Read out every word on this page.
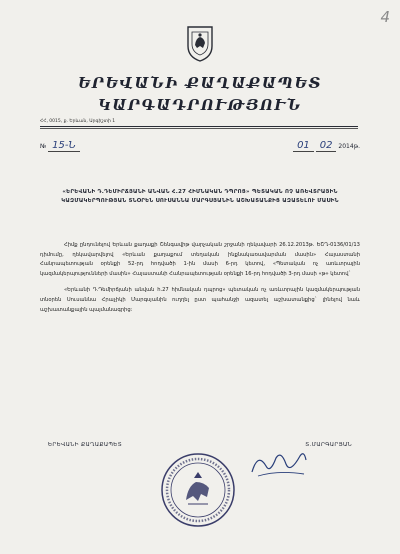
4
ԵՐԵՎԱՆԻ ՔԱՂԱՔԱՊԵՏ
ԿԱՐԳԱԴՐՈՒԹՅՈՒՆ
ՀՀ, 0015, ք. Երևան, Արգիշտի 1
№ 15-Ն	01 02 2014թ.
«ԵՐԵՎԱՆԻ Դ.ԴԵՄԻՐՃՅԱՆԻ ԱՆՎԱՆ Հ.27 ՀԻՄՆԱԿԱՆ ԴՊՐՈՑ» ՊԵՏԱԿԱՆ ՈՉ ԱՌԵՎՏՐԱՅԻՆ ԿԱԶՄԱԿԵՐՊՈՒԹՅԱՆ ՏՆՕՐԵՆ ՍՈՒՍԱՆՆԱ ՄԱՐԳՍՅԱՆԻՆ ԱՇԽԱՏԱՆՔԻՑ ԱԶԱՏԵԼՈՒ ՄԱՍԻՆ

Հիմք ընդունելով Երևան քաղաքի Շենգավիթ վարչական շրջանի ղեկավարի 26.12.2013թ. ԵՇՂ-0136/01/13 դիմումը, ղեկավարվելով «Երևան քաղաքում տեղական ինքնակառավարման մասին» Հայաստանի Հանրապետության օրենքի 52-րդ հոդվածի 1-ին մասի 6-րդ կետով, «Պետական ոչ առևտրային կազմակերպությունների մասին» Հայաստանի Հանրապետության օրենքի 16-րդ հոդվածի 3-րդ մասի «թ» կետով`

«Երևանի Դ.Դեմիրճյանի անվան հ.27 հիմնական դպրոց» պետական ոչ առևտրային կազմակերպության տնօրեն Սուսաննա Հրաչիկի Մարգսյանին ուղղել ըստ պահանջի ազատել աշխատանքից` լինելով նաև աշխատանքային պայմանագրից:

ԵՐԵՎԱՆԻ ՔԱՂԱՔԱՊԵՏ	Տ.ՄԱՐԳԱՐՅԱՆ
